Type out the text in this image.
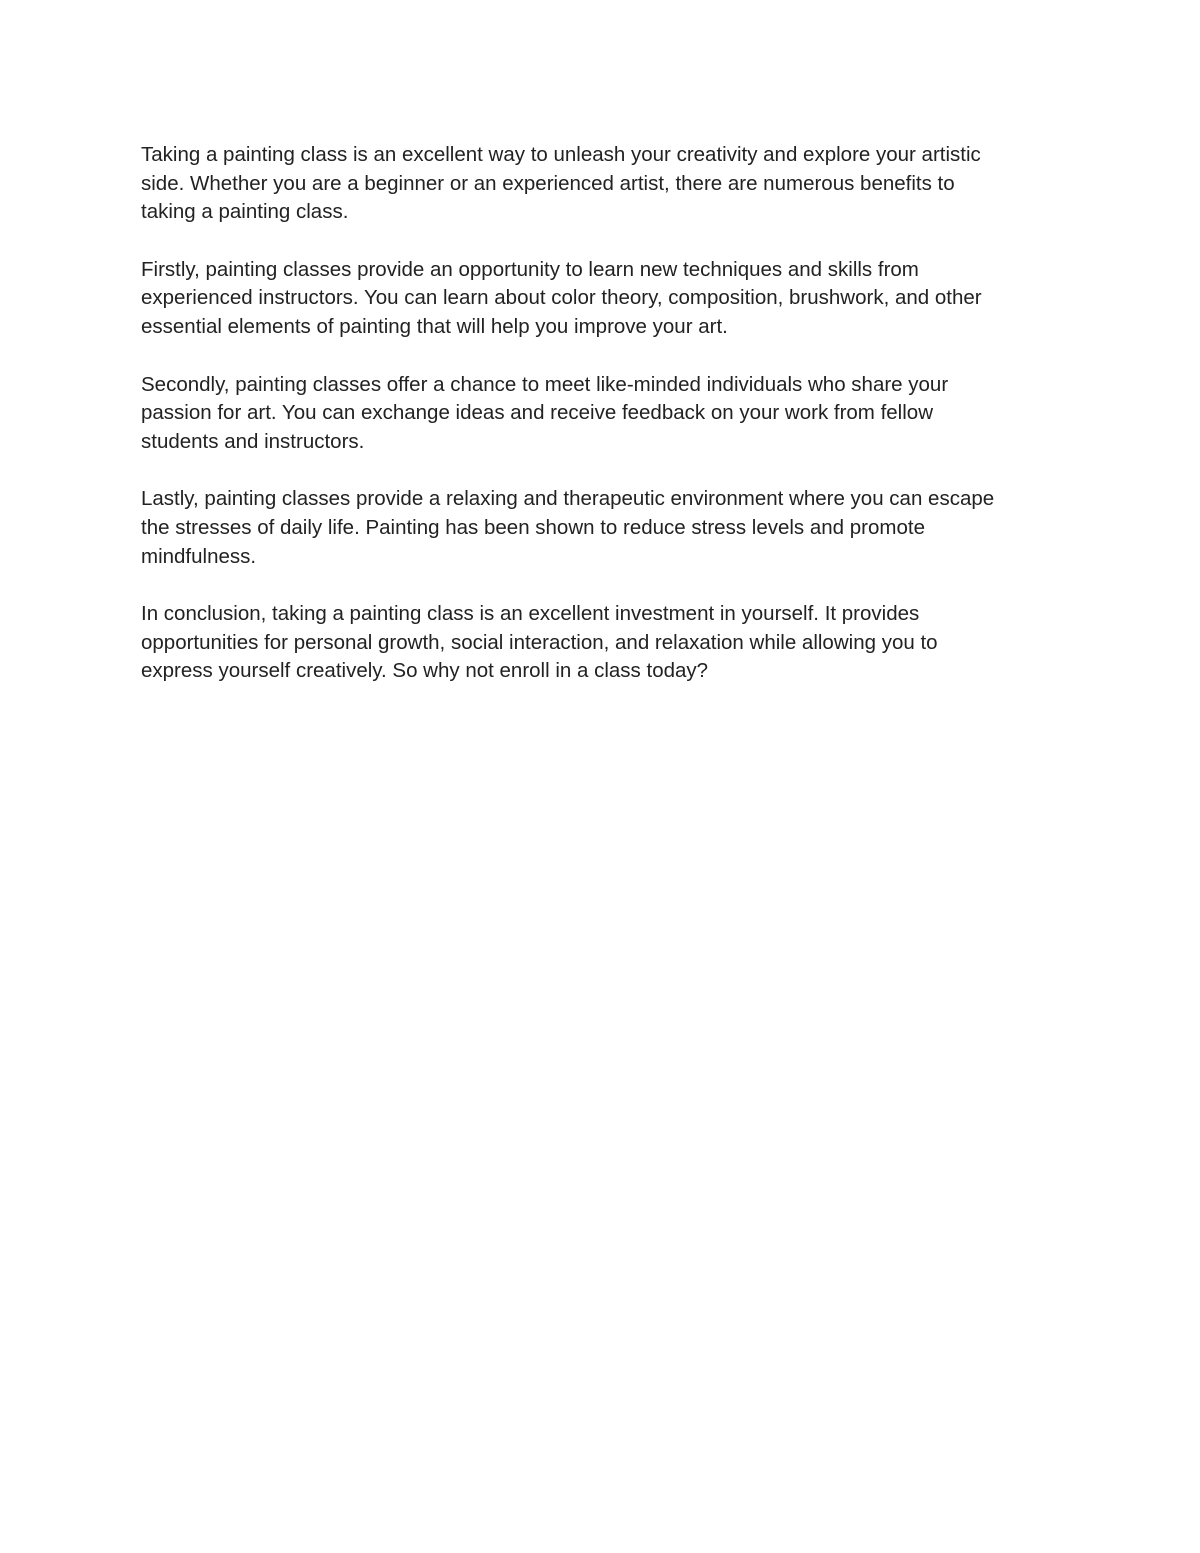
Taking a painting class is an excellent way to unleash your creativity and explore your artistic
side. Whether you are a beginner or an experienced artist, there are numerous benefits to
taking a painting class.

Firstly, painting classes provide an opportunity to learn new techniques and skills from
experienced instructors. You can learn about color theory, composition, brushwork, and other
essential elements of painting that will help you improve your art.

Secondly, painting classes offer a chance to meet like-minded individuals who share your
passion for art. You can exchange ideas and receive feedback on your work from fellow
students and instructors.

Lastly, painting classes provide a relaxing and therapeutic environment where you can escape
the stresses of daily life. Painting has been shown to reduce stress levels and promote
mindfulness.

In conclusion, taking a painting class is an excellent investment in yourself. It provides
opportunities for personal growth, social interaction, and relaxation while allowing you to
express yourself creatively. So why not enroll in a class today?
